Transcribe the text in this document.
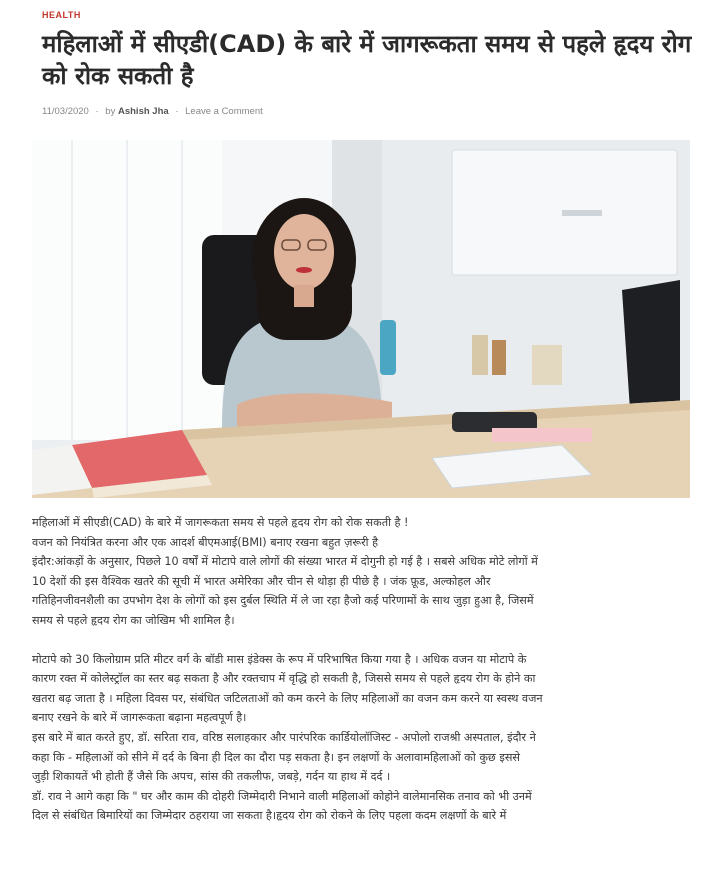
HEALTH
महिलाओं में सीएडी(CAD) के बारे में जागरूकता समय से पहले हृदय रोग को रोक सकती है
11/03/2020 · by Ashish Jha · Leave a Comment

महिलाओं में सीएडी(CAD) के बारे में जागरूकता समय से पहले हृदय रोग को रोक सकती है !

वजन को नियंत्रित करना और एक आदर्श बीएमआई(BMI) बनाए रखना बहुत ज़रूरी है

इंदौर:आंकड़ों के अनुसार, पिछले 10 वर्षों में मोटापे वाले लोगों की संख्या भारत में दोगुनी हो गई है । सबसे अधिक मोटे लोगों में

10 देशों की इस वैश्विक खतरे की सूची में भारत अमेरिका और चीन से थोड़ा ही पीछे है । जंक फ़ूड, अल्कोहल और

गतिहिनजीवनशैली का उपभोग देश के लोगों को इस दुर्बल स्थिति में ले जा रहा हैजो कई परिणामों के साथ जुड़ा हुआ है, जिसमें

समय से पहले हृदय रोग का जोखिम भी शामिल है।

मोटापे को 30 किलोग्राम प्रति मीटर वर्ग के बॉडी मास इंडेक्स के रूप में परिभाषित किया गया है । अधिक वजन या मोटापे के

कारण रक्त में कोलेस्ट्रॉल का स्तर बढ़ सकता है और रक्तचाप में वृद्धि हो सकती है, जिससे समय से पहले हृदय रोग के होने का

खतरा बढ़ जाता है । महिला दिवस पर, संबंधित जटिलताओं को कम करने के लिए महिलाओं का वजन कम करने या स्वस्थ वजन

बनाए रखने के बारे में जागरूकता बढ़ाना महत्वपूर्ण है।

इस बारे में बात करते हुए, डॉ. सरिता राव, वरिष्ठ सलाहकार और पारंपरिक कार्डियोलॉजिस्ट - अपोलो राजश्री अस्पताल, इंदौर ने

कहा कि - महिलाओं को सीने में दर्द के बिना ही दिल का दौरा पड़ सकता है। इन लक्षणों के अलावामहिलाओं को कुछ इससे

जुड़ी शिकायतें भी होती हैं जैसे कि अपच, सांस की तकलीफ, जबड़े, गर्दन या हाथ में दर्द ।

डॉ. राव ने आगे कहा कि " घर और काम की दोहरी जिम्मेदारी निभाने वाली महिलाओं कोहोने वालेमानसिक तनाव को भी उनमें

दिल से संबंधित बिमारियों का जिम्मेदार ठहराया जा सकता है।हृदय रोग को रोकने के लिए पहला कदम लक्षणों के बारे में
